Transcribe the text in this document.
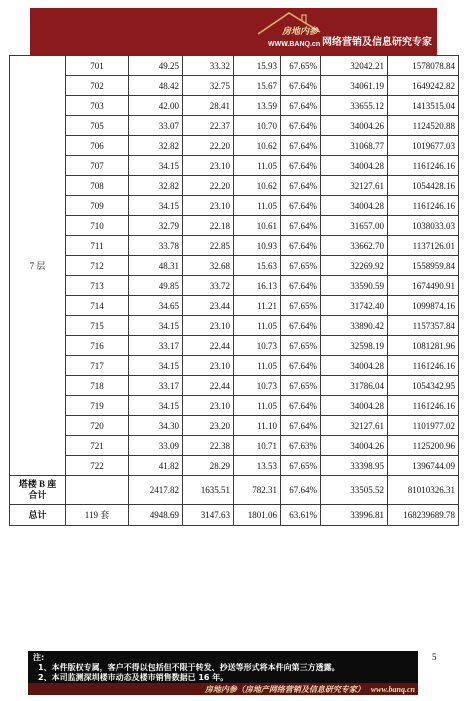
房地内参
WWW.BANQ.cn 网络营销及信息研究专家
7 层	701	49.25	33.32	15.93	67.65%	32042.21	1578078.84
	702	48.42	32.75	15.67	67.64%	34061.19	1649242.82
	703	42.00	28.41	13.59	67.64%	33655.12	1413515.04
	705	33.07	22.37	10.70	67.64%	34004.26	1124520.88
	706	32.82	22.20	10.62	67.64%	31068.77	1019677.03
	707	34.15	23.10	11.05	67.64%	34004.28	1161246.16
	708	32.82	22.20	10.62	67.64%	32127.61	1054428.16
	709	34.15	23.10	11.05	67.64%	34004.28	1161246.16
	710	32.79	22.18	10.61	67.64%	31657.00	1038033.03
	711	33.78	22.85	10.93	67.64%	33662.70	1137126.01
	712	48.31	32.68	15.63	67.65%	32269.92	1558959.84
	713	49.85	33.72	16.13	67.64%	33590.59	1674490.91
	714	34.65	23.44	11.21	67.65%	31742.40	1099874.16
	715	34.15	23.10	11.05	67.64%	33890.42	1157357.84
	716	33.17	22.44	10.73	67.65%	32598.19	1081281.96
	717	34.15	23.10	11.05	67.64%	34004.28	1161246.16
	718	33.17	22.44	10.73	67.65%	31786.04	1054342.95
	719	34.15	23.10	11.05	67.64%	34004.28	1161246.16
	720	34.30	23.20	11.10	67.64%	32127.61	1101977.02
	721	33.09	22.38	10.71	67.63%	34004.26	1125200.96
	722	41.82	28.29	13.53	67.65%	33398.95	1396744.09

塔楼 B 座
合计		2417.82	1635.51	782.31	67.64%	33505.52	81010326.31
总计	119 套	4948.69	3147.63	1801.06	63.61%	33996.81	168239689.78
注:
1、本件版权专属，客户不得以包括但不限于转发、抄送等形式将本件向第三方透露。
2、本司监测深圳楼市动态及楼市销售数据已 16 年。
房地内参（房地产网络营销及信息研究专家） www.banq.cn
5
